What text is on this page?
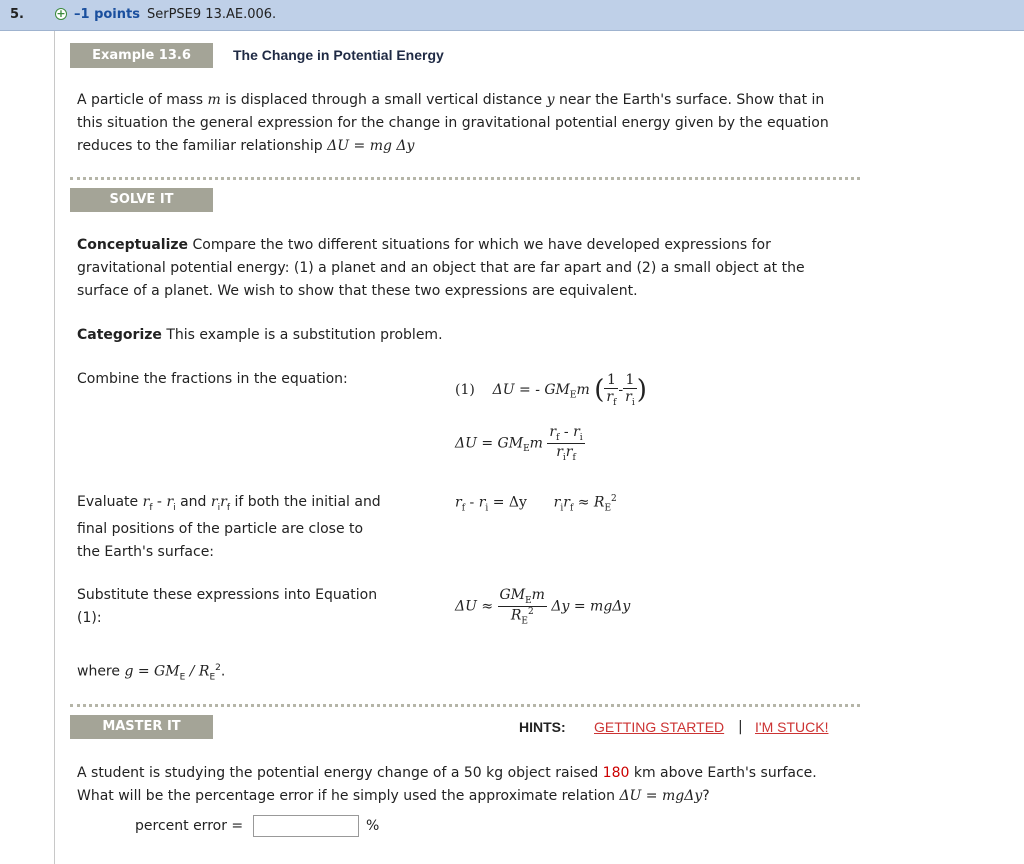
5.	+ –1 points SerPSE9 13.AE.006.
Example 13.6	The Change in Potential Energy
A particle of mass m is displaced through a small vertical distance y near the Earth's surface. Show that in
this situation the general expression for the change in gravitational potential energy given by the equation
reduces to the familiar relationship ΔU = mg Δy
SOLVE IT
Conceptualize Compare the two different situations for which we have developed expressions for
gravitational potential energy: (1) a planet and an object that are far apart and (2) a small object at the
surface of a planet. We wish to show that these two expressions are equivalent.
Categorize This example is a substitution problem.
Combine the fractions in the equation:
(1) ΔU = - $GM_Em$ ( $\frac{1}{r_f} - \frac{1}{r_i}$ )
$\Delta U = GM_Em \frac{r_f - r_i}{r_ir_f}$
Evaluate $r_f - r_i$ and $r_ir_f$ if both the initial and
final positions of the particle are close to
the Earth's surface:
$r_f - r_i = \Delta y$ $r_ir_f \approx R_E^2$
Substitute these expressions into Equation
(1):
$\Delta U \approx \frac{GM_Em}{R_E^2}$ Δy = mgΔy
where $g = GM_E / R_E^2$.
MASTER IT	HINTS: GETTING STARTED | I'M STUCK!
A student is studying the potential energy change of a 50 kg object raised 180 km above Earth's surface.
What will be the percentage error if he simply used the approximate relation ΔU = mgΔy?
percent error =	%
